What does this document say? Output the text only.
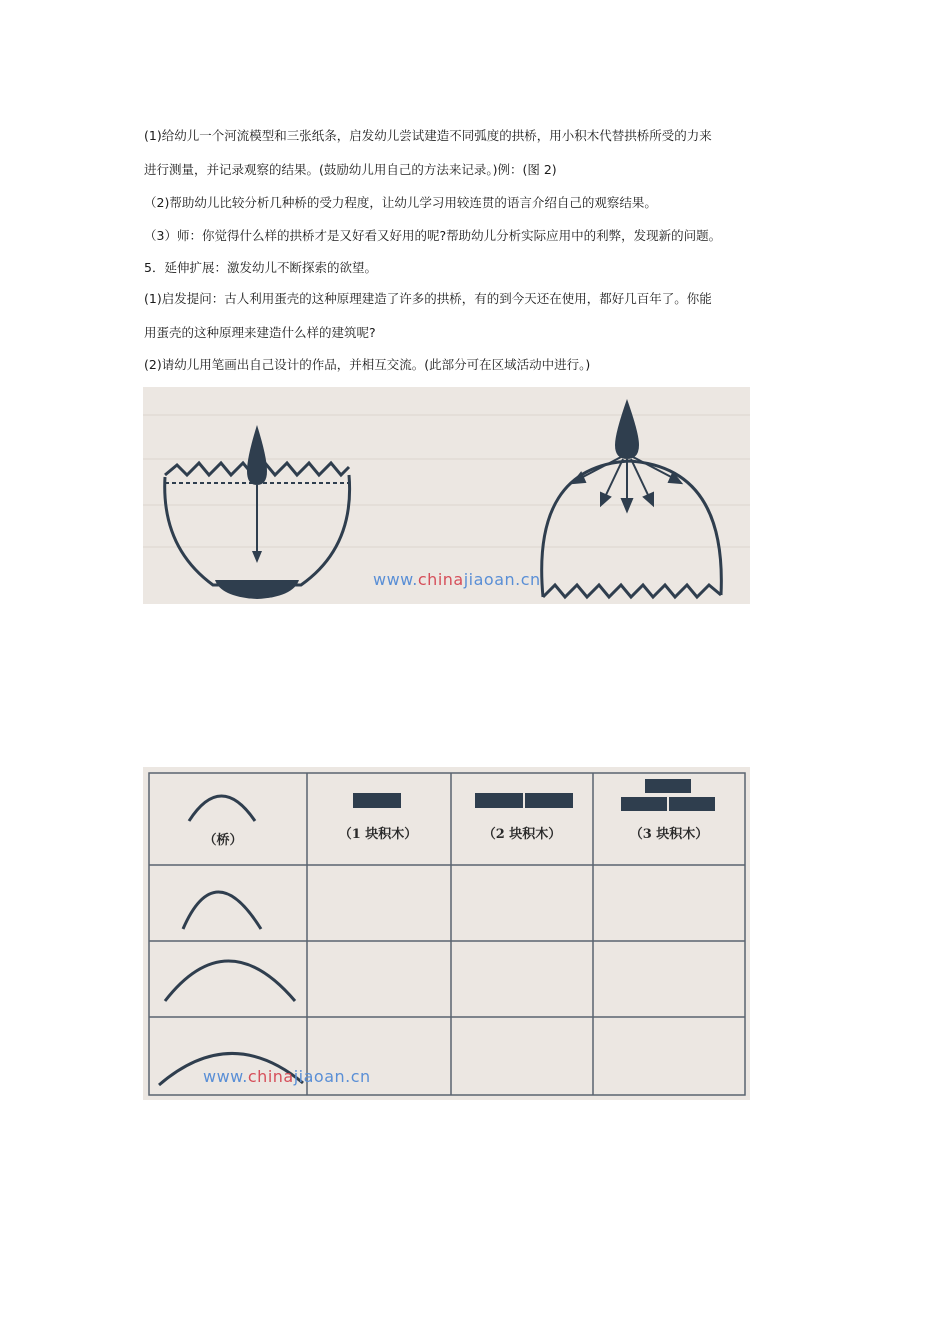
(1)给幼儿一个河流模型和三张纸条，启发幼儿尝试建造不同弧度的拱桥，用小积木代替拱桥所受的力来
进行测量，并记录观察的结果。(鼓励幼儿用自己的方法来记录。)例：(图 2)
（2)帮助幼儿比较分析几种桥的受力程度，让幼儿学习用较连贯的语言介绍自己的观察结果。
（3）师：你觉得什么样的拱桥才是又好看又好用的呢?帮助幼儿分析实际应用中的利弊，发现新的问题。
5．延伸扩展：激发幼儿不断探索的欲望。
(1)启发提问：古人利用蛋壳的这种原理建造了许多的拱桥，有的到今天还在使用，都好几百年了。你能
用蛋壳的这种原理来建造什么样的建筑呢?
(2)请幼儿用笔画出自己设计的作品，并相互交流。(此部分可在区域活动中进行。)

www.chinajiaoan.cn
（桥）	（1 块积木）	（2 块积木）	（3 块积木）
www.chinajiaoan.cn
